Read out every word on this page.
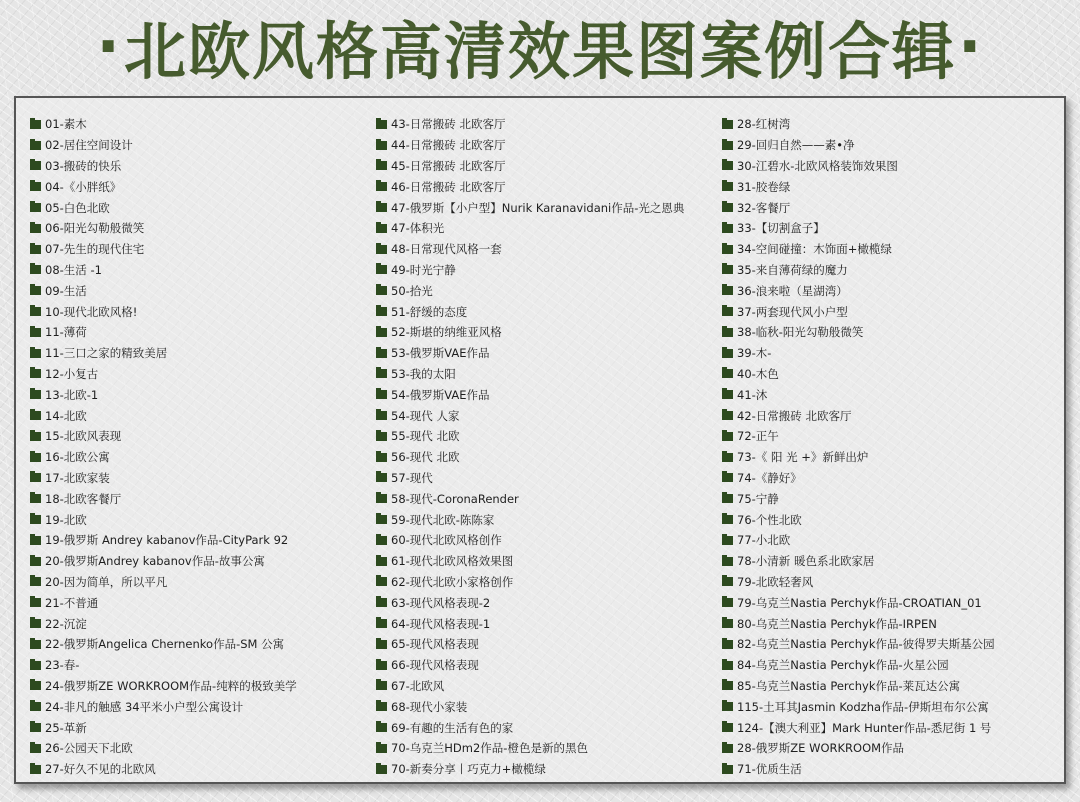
· 北欧风格高清效果图案例合辑 ·
01-素木
02-居住空间设计
03-搬砖的快乐
04-《小胖纸》
05-白色北欧
06-阳光勾勒般微笑
07-先生的现代住宅
08-生活 -1
09-生活
10-现代北欧风格!
11-薄荷
11-三口之家的精致美居
12-小复古
13-北欧-1
14-北欧
15-北欧风表现
16-北欧公寓
17-北欧家装
18-北欧客餐厅
19-北欧
19-俄罗斯 Andrey kabanov作品-CityPark 92
20-俄罗斯Andrey kabanov作品-故事公寓
20-因为简单，所以平凡
21-不普通
22-沉淀
22-俄罗斯Angelica Chernenko作品-SM 公寓
23-春-
24-俄罗斯ZE WORKROOM作品-纯粹的极致美学
24-非凡的触感 34平米小户型公寓设计
25-革新
26-公园天下北欧
27-好久不见的北欧风
43-日常搬砖 北欧客厅
44-日常搬砖 北欧客厅
45-日常搬砖 北欧客厅
46-日常搬砖 北欧客厅
47-俄罗斯【小户型】Nurik Karanavidani作品-光之恩典
47-体积光
48-日常现代风格一套
49-时光宁静
50-拾光
51-舒缓的态度
52-斯堪的纳维亚风格
53-俄罗斯VAE作品
53-我的太阳
54-俄罗斯VAE作品
54-现代 人家
55-现代 北欧
56-现代 北欧
57-现代
58-现代-CoronaRender
59-现代北欧-陈陈家
60-现代北欧风格创作
61-现代北欧风格效果图
62-现代北欧小家格创作
63-现代风格表现-2
64-现代风格表现-1
65-现代风格表现
66-现代风格表现
67-北欧风
68-现代小家装
69-有趣的生活有色的家
70-乌克兰HDm2作品-橙色是新的黑色
70-新奏分享丨巧克力+橄榄绿
28-红树湾
29-回归自然——素•净
30-江碧水-北欧风格装饰效果图
31-胶卷绿
32-客餐厅
33-【切割盒子】
34-空间碰撞：木饰面+橄榄绿
35-来自薄荷绿的魔力
36-浪来啦（星湖湾）
37-两套现代风小户型
38-临秋-阳光勾勒般微笑
39-木-
40-木色
41-沐
42-日常搬砖 北欧客厅
72-正午
73-《 阳 光 +》新鲜出炉
74-《静好》
75-宁静
76-个性北欧
77-小北欧
78-小清新 暖色系北欧家居
79-北欧轻奢风
79-乌克兰Nastia Perchyk作品-CROATIAN_01
80-乌克兰Nastia Perchyk作品-IRPEN
82-乌克兰Nastia Perchyk作品-彼得罗夫斯基公园
84-乌克兰Nastia Perchyk作品-火星公园
85-乌克兰Nastia Perchyk作品-莱瓦达公寓
115-土耳其Jasmin Kodzha作品-伊斯坦布尔公寓
124-【澳大利亚】Mark Hunter作品-悉尼街 1 号
28-俄罗斯ZE WORKROOM作品
71-优质生活
